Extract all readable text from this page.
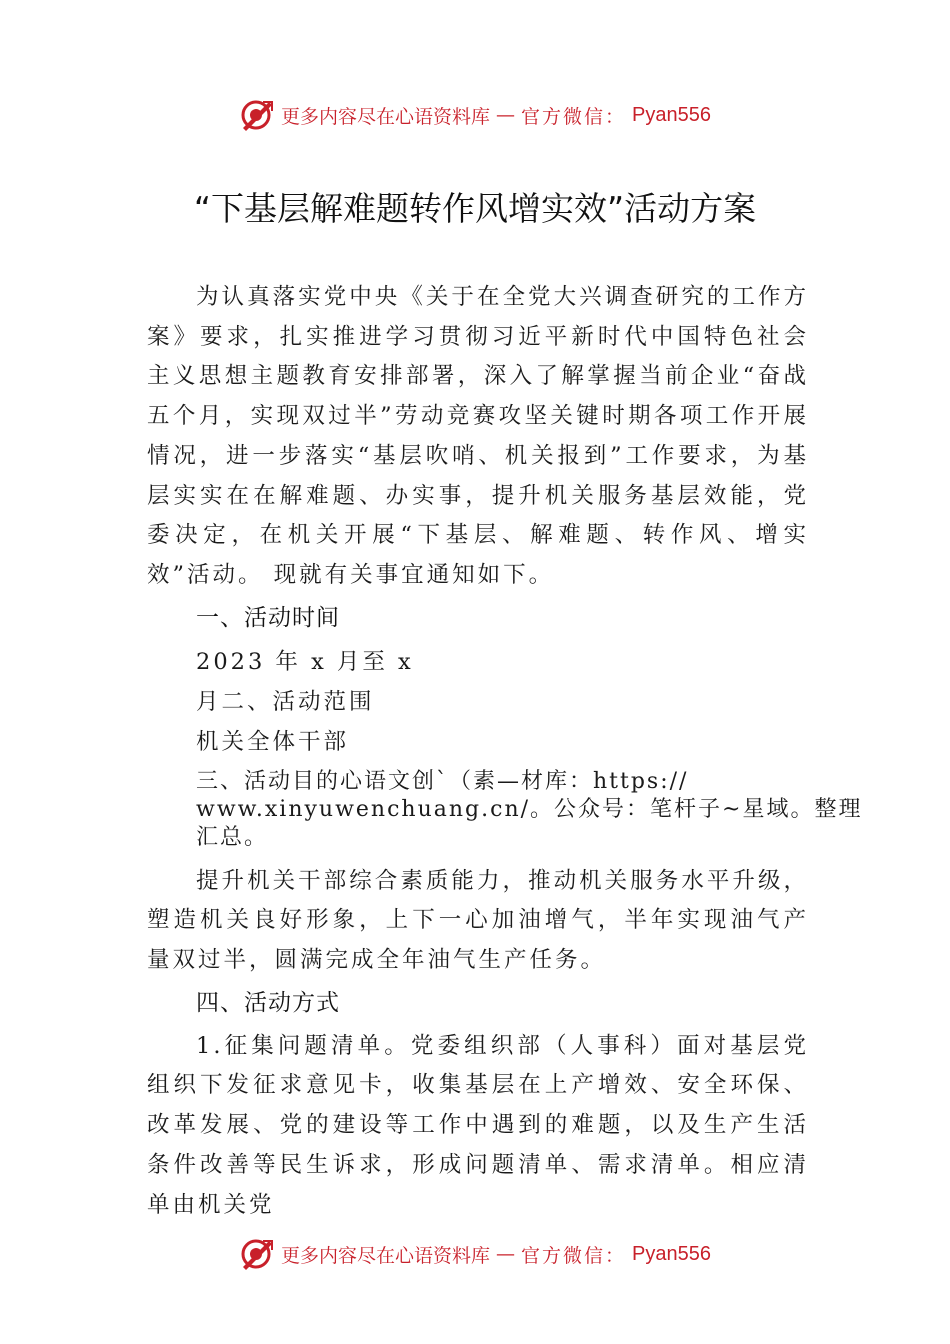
更多内容尽在心语资料库 — 官方微信： Pyan556
“下基层解难题转作风增实效”活动方案

为认真落实党中央《关于在全党大兴调查研究的工作方案》要求，扎实推进学习贯彻习近平新时代中国特色社会主义思想主题教育安排部署，深入了解掌握当前企业“奋战五个月，实现双过半”劳动竞赛攻坚关键时期各项工作开展情况，进一步落实“基层吹哨、机关报到”工作要求，为基层实实在在解难题、办实事，提升机关服务基层效能，党委决定，在机关开展“下基层、解难题、转作风、增实效”活动。 现就有关事宜通知如下。

一、活动时间

2023 年 x 月至 x

月二、活动范围

机关全体干部

三、活动目的心语文创`（素—材库：https://
www.xinyuwenchuang.cn/。公众号：笔杆子~星域。整理
汇总。

提升机关干部综合素质能力，推动机关服务水平升级，塑造机关良好形象，上下一心加油增气，半年实现油气产量双过半，圆满完成全年油气生产任务。

四、活动方式

1.征集问题清单。党委组织部（人事科）面对基层党组织下发征求意见卡，收集基层在上产增效、安全环保、改革发展、党的建设等工作中遇到的难题，以及生产生活条件改善等民生诉求，形成问题清单、需求清单。相应清单由机关党

更多内容尽在心语资料库 — 官方微信： Pyan556
